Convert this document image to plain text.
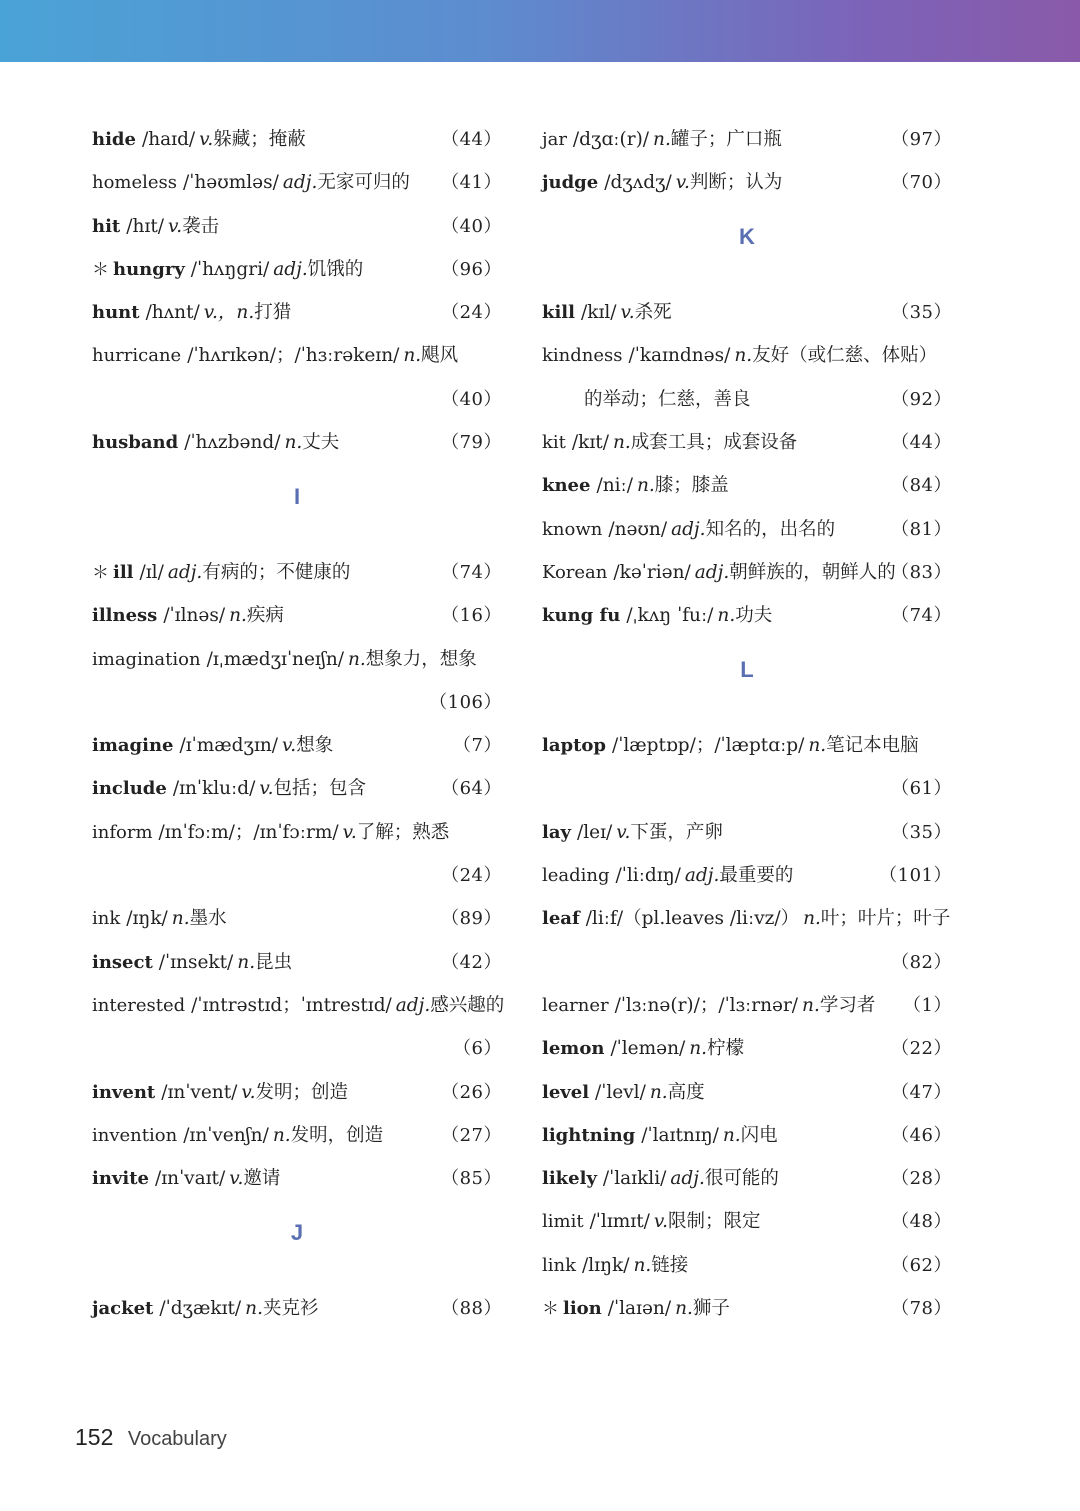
hide /haɪd/ v.躲藏；掩蔽	（44）
homeless /ˈhəʊmləs/ adj.无家可归的 （41）
hit /hɪt/ v.袭击	（40）
＊ hungry /ˈhʌŋgri/ adj.饥饿的	（96）
hunt /hʌnt/ v.，n.打猎	（24）
hurricane /ˈhʌrɪkən/；/ˈhɜːrəkeɪn/ n.飓风
（40）
husband /ˈhʌzbənd/ n.丈夫	（79）
I
＊ ill /ɪl/ adj.有病的；不健康的	（74）
illness /ˈɪlnəs/ n.疾病	（16）
imagination /ɪˌmædʒɪˈneɪʃn/ n.想象力，想象
（106）
imagine /ɪˈmædʒɪn/ v.想象	（7）
include /ɪnˈkluːd/ v.包括；包含	（64）
inform /ɪnˈfɔːm/；/ɪnˈfɔːrm/ v.了解；熟悉
（24）
ink /ɪŋk/ n.墨水	（89）
insect /ˈɪnsekt/ n.昆虫	（42）
interested /ˈɪntrəstɪd；ˈɪntrestɪd/ adj.感兴趣的
（6）
invent /ɪnˈvent/ v.发明；创造	（26）
invention /ɪnˈvenʃn/ n.发明，创造	（27）
invite /ɪnˈvaɪt/ v.邀请	（85）
J
jacket /ˈdʒækɪt/ n.夹克衫	（88）
jar /dʒɑː(r)/ n.罐子；广口瓶	（97）
judge /dʒʌdʒ/ v.判断；认为	（70）
K
kill /kɪl/ v.杀死	（35）
kindness /ˈkaɪndnəs/ n.友好（或仁慈、体贴）
的举动；仁慈，善良	（92）
kit /kɪt/ n.成套工具；成套设备	（44）
knee /niː/ n.膝；膝盖	（84）
known /nəʊn/ adj.知名的，出名的	（81）
Korean /kəˈriən/ adj.朝鲜族的，朝鲜人的
（83）
kung fu /ˌkʌŋ ˈfuː/ n.功夫	（74）
L
laptop /ˈlæptɒp/；/ˈlæptɑːp/ n.笔记本电脑
（61）
lay /leɪ/ v.下蛋，产卵	（35）
leading /ˈliːdɪŋ/ adj.最重要的	（101）
leaf /liːf/（pl.leaves /liːvz/） n.叶；叶片；叶子
（82）
learner /ˈlɜːnə(r)/；/ˈlɜːrnər/ n.学习者 （1）
lemon /ˈlemən/ n.柠檬	（22）
level /ˈlevl/ n.高度	（47）
lightning /ˈlaɪtnɪŋ/ n.闪电	（46）
likely /ˈlaɪkli/ adj.很可能的	（28）
limit /ˈlɪmɪt/ v.限制；限定	（48）
link /lɪŋk/ n.链接	（62）
＊ lion /ˈlaɪən/ n.狮子	（78）
152 Vocabulary
